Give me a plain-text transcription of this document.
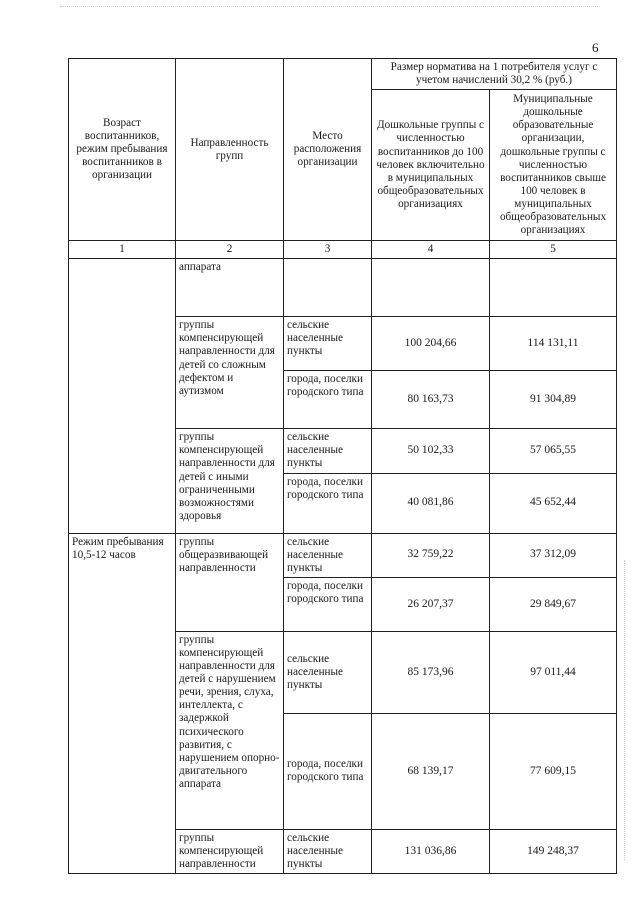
6
Возраст воспитанников, режим пребывания воспитанников в организации	Направленность групп	Место расположения организации	Размер норматива на 1 потребителя услуг с учетом начислений 30,2 % (руб.)	
			Дошкольные группы с численностью воспитанников до 100 человек включительно в муниципальных общеобразовательных организациях	Муниципальные дошкольные образовательные организации, дошкольные группы с численностью воспитанников свыше 100 человек в муниципальных общеобразовательных организациях
1	2	3	4	5
	аппарата			
	группы компенсирующей направленности для детей со сложным дефектом и аутизмом	сельские населенные пункты	100 204,66	114 131,11
		города, поселки городского типа	80 163,73	91 304,89
	группы компенсирующей направленности для детей с иными ограниченными возможностями здоровья	сельские населенные пункты	50 102,33	57 065,55
		города, поселки городского типа	40 081,86	45 652,44
Режим пребывания 10,5-12 часов	группы общеразвивающей направленности	сельские населенные пункты	32 759,22	37 312,09
		города, поселки городского типа	26 207,37	29 849,67
	группы компенсирующей направленности для детей с нарушением речи, зрения, слуха, интеллекта, с задержкой психического развития, с нарушением опорно-двигательного аппарата	сельские населенные пункты	85 173,96	97 011,44
		города, поселки городского типа	68 139,17	77 609,15
	группы компенсирующей направленности	сельские населенные пункты	131 036,86	149 248,37
